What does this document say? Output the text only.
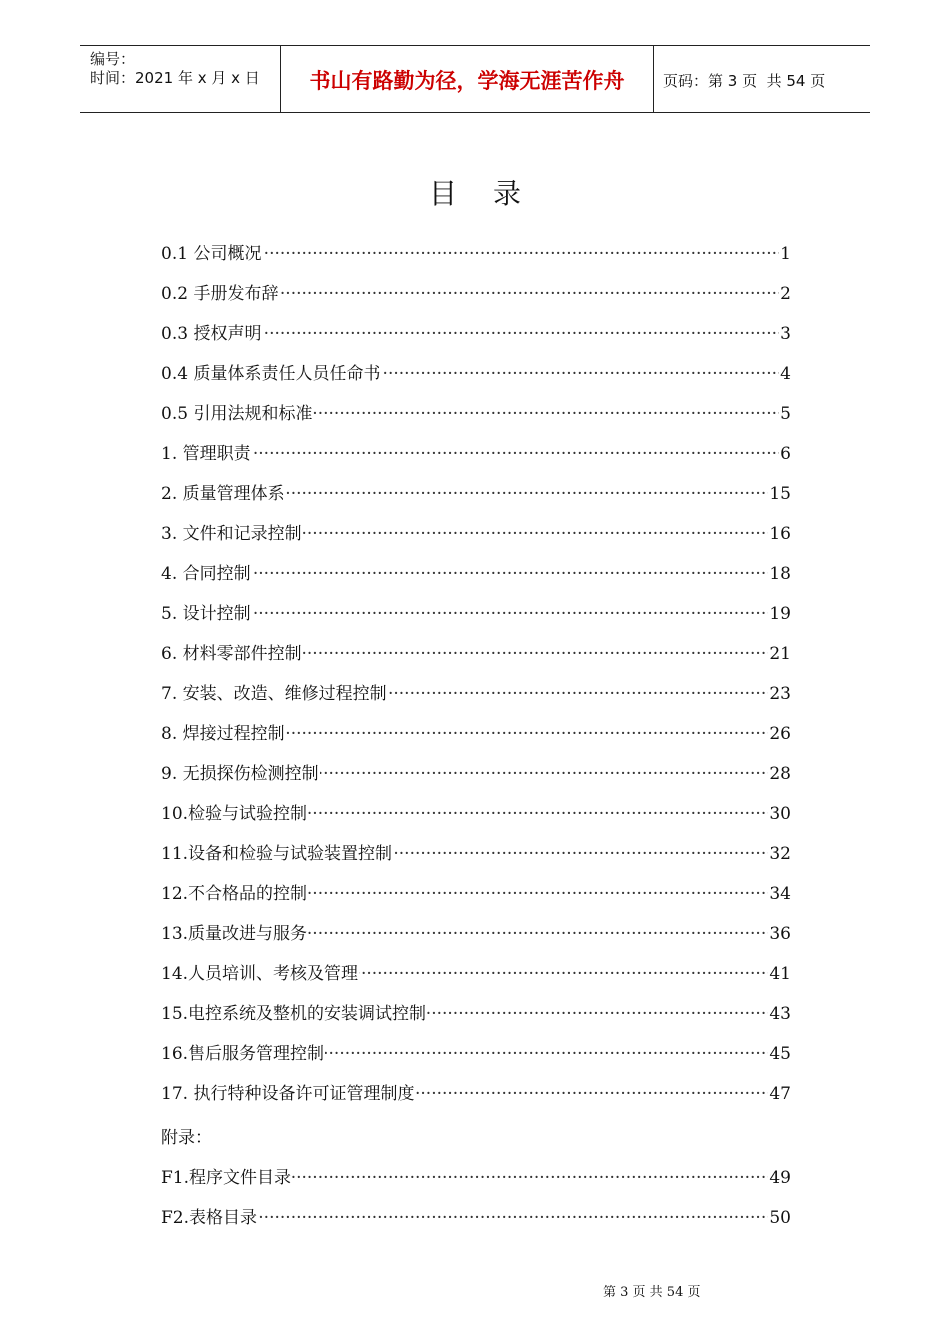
编号：
时间：2021 年 x 月 x 日	书山有路勤为径，学海无涯苦作舟	页码：第 3 页  共 54 页
目录
0.1 公司概况	1
·····
0.2 手册发布辞	2
·····
0.3 授权声明	3
·····
0.4 质量体系责任人员任命书	4
·····
0.5 引用法规和标准	5
·····
1. 管理职责	6
·····
2. 质量管理体系	15
·····
3. 文件和记录控制	16
·····
4. 合同控制	18
·····
5. 设计控制	19
·····
6. 材料零部件控制	21
·····
7. 安装、改造、维修过程控制	23
·····
8. 焊接过程控制	26
·····
9. 无损探伤检测控制	28
·····
10.检验与试验控制	30
·····
11.设备和检验与试验装置控制	32
·····
12.不合格品的控制	34
·····
13.质量改进与服务	36
·····
14.人员培训、考核及管理	41
·····
15.电控系统及整机的安装调试控制	43
·····
16.售后服务管理控制	45
·····
17. 执行特种设备许可证管理制度	47
·····
附录：
F1.程序文件目录	49
·····
F2.表格目录	50
·····
第 3 页 共 54 页
